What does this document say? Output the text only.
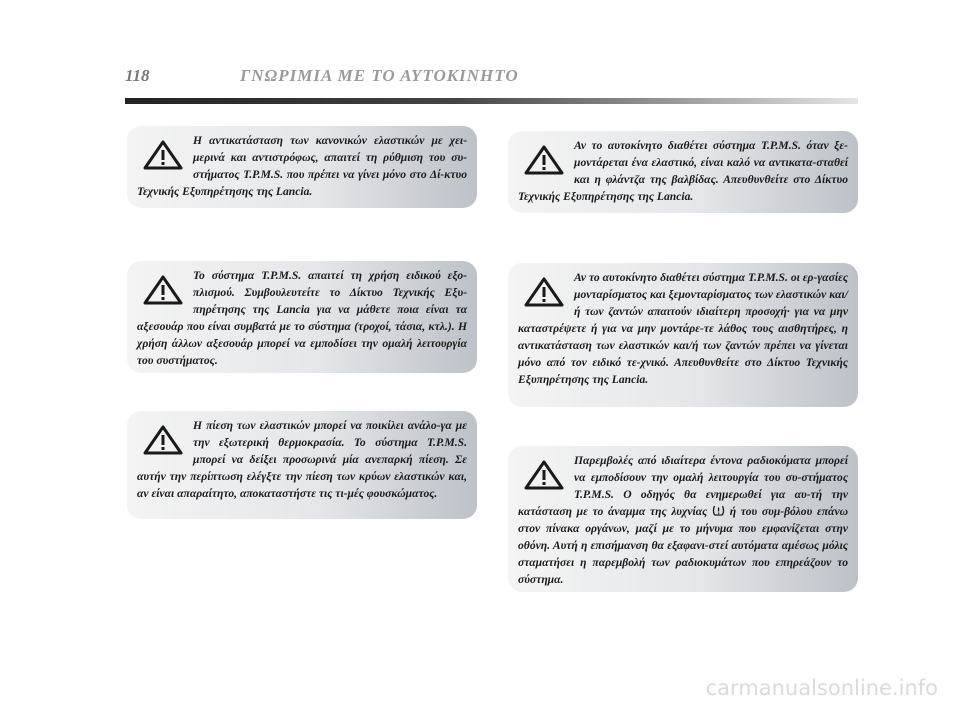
118	ΓΝΩΡΙΜΙΑ ΜΕ ΤΟ ΑΥΤΟΚΙΝΗΤΟ

Η αντικατάσταση των κανονικών ελαστικών με χει-μερινά και αντιστρόφως, απαιτεί τη ρύθμιση του συ-στήματος T.P.M.S. που πρέπει να γίνει μόνο στο Δί-κτυο Τεχνικής Εξυπηρέτησης της Lancia.

Το σύστημα T.P.M.S. απαιτεί τη χρήση ειδικού εξο-πλισμού. Συμβουλευτείτε το Δίκτυο Τεχνικής Εξυ-πηρέτησης της Lancia για να μάθετε ποια είναι τα αξεσουάρ που είναι συμβατά με το σύστημα (τροχοί, τάσια, κτλ.). Η χρήση άλλων αξεσουάρ μπορεί να εμποδίσει την ομαλή λειτουργία του συστήματος.

Η πίεση των ελαστικών μπορεί να ποικίλει ανάλο-γα με την εξωτερική θερμοκρασία. Το σύστημα T.P.M.S. μπορεί να δείξει προσωρινά μία ανεπαρκή πίεση. Σε αυτήν την περίπτωση ελέγξτε την πίεση των κρύων ελαστικών και, αν είναι απαραίτητο, αποκαταστήστε τις τι-μές φουσκώματος.

Αν το αυτοκίνητο διαθέτει σύστημα T.P.M.S. όταν ξε-μοντάρεται ένα ελαστικό, είναι καλό να αντικατα-σταθεί και η φλάντζα της βαλβίδας. Απευθυνθείτε στο Δίκτυο Τεχνικής Εξυπηρέτησης της Lancia.

Αν το αυτοκίνητο διαθέτει σύστημα T.P.M.S. οι ερ-γασίες μονταρίσματος και ξεμονταρίσματος των ελαστικών και/ή των ζαντών απαιτούν ιδιαίτερη προσοχή· για να μην καταστρέψετε ή για να μην μοντάρε-τε λάθος τους αισθητήρες, η αντικατάσταση των ελαστικών και/ή των ζαντών πρέπει να γίνεται μόνο από τον ειδικό τε-χνικό. Απευθυνθείτε στο Δίκτυο Τεχνικής Εξυπηρέτησης της Lancia.

Παρεμβολές από ιδιαίτερα έντονα ραδιοκύματα μπορεί να εμποδίσουν την ομαλή λειτουργία του συ-στήματος T.P.M.S. Ο οδηγός θα ενημερωθεί για αυ-τή την κατάσταση με το άναμμα της λυχνίας ή του συμ-βόλου επάνω στον πίνακα οργάνων, μαζί με το μήνυμα που εμφανίζεται στην οθόνη. Αυτή η επισήμανση θα εξαφανι-στεί αυτόματα αμέσως μόλις σταματήσει η παρεμβολή των ραδιοκυμάτων που επηρεάζουν το σύστημα.

carmanualsonline.info
